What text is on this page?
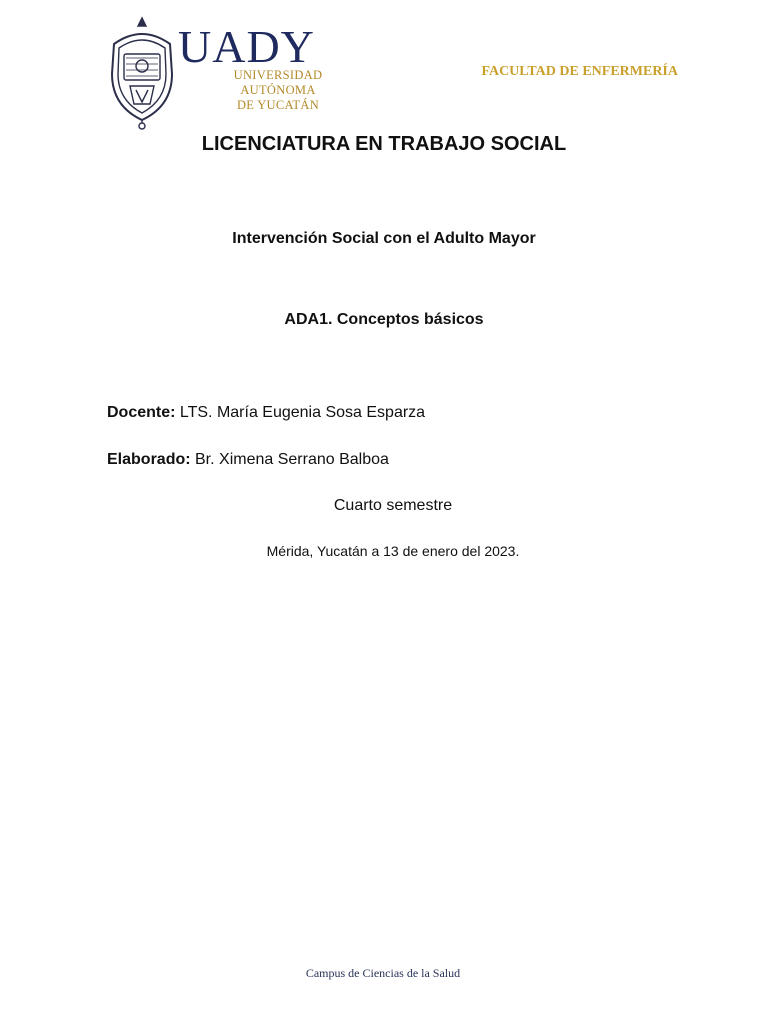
UADY
UNIVERSIDAD
AUTÓNOMA
DE YUCATÁN
FACULTAD DE ENFERMERÍA
LICENCIATURA EN TRABAJO SOCIAL
Intervención Social con el Adulto Mayor
ADA1. Conceptos básicos
Docente: LTS. María Eugenia Sosa Esparza
Elaborado: Br. Ximena Serrano Balboa
Cuarto semestre
Mérida, Yucatán a 13 de enero del 2023.
Campus de Ciencias de la Salud
